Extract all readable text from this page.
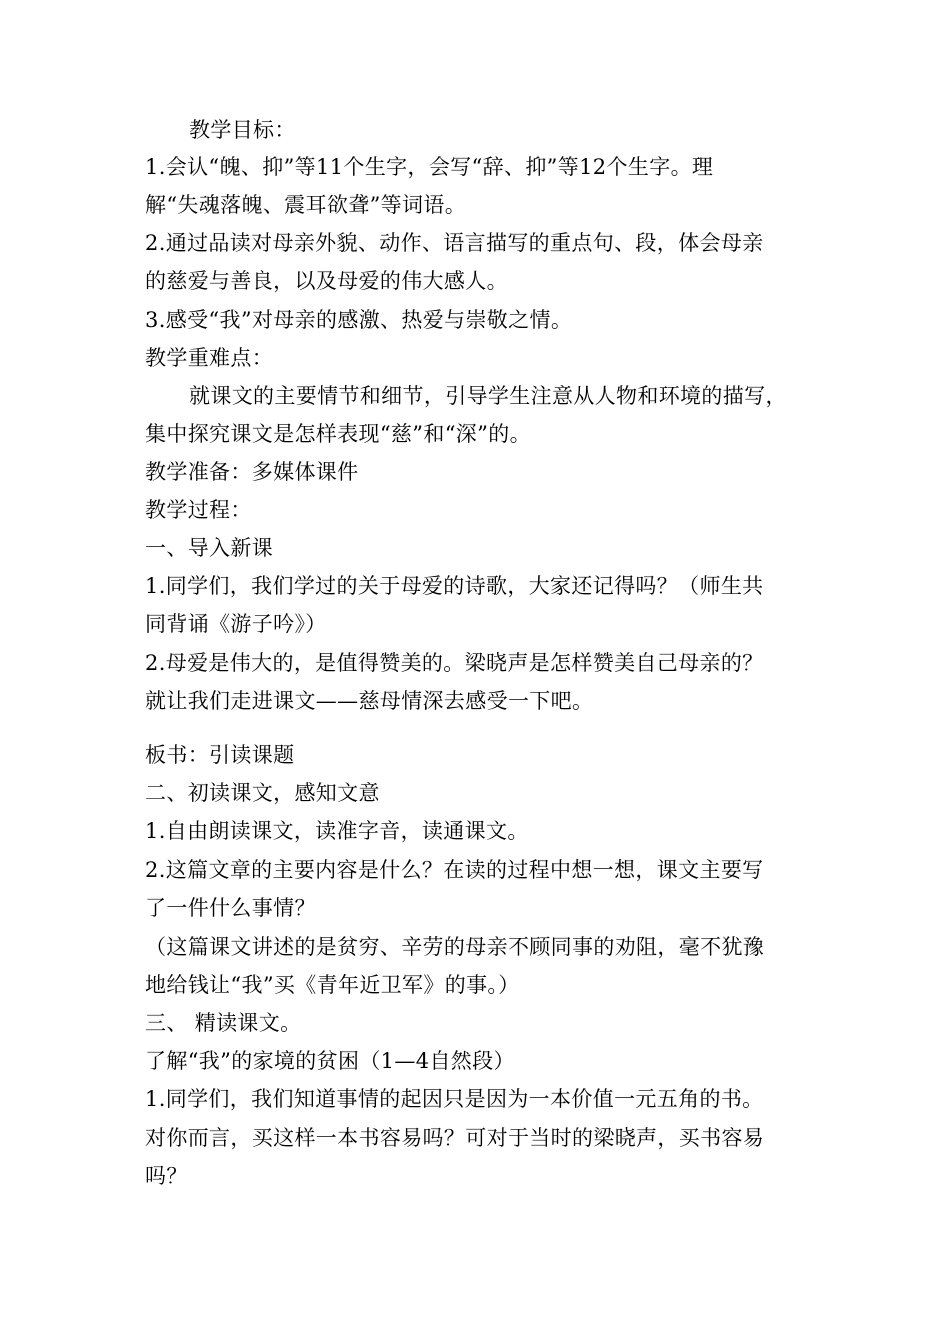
教学目标：
1.会认“魄、抑”等11个生字，会写“辞、抑”等12个生字。理
解“失魂落魄、震耳欲聋”等词语。
2.通过品读对母亲外貌、动作、语言描写的重点句、段，体会母亲
的慈爱与善良，以及母爱的伟大感人。
3.感受“我”对母亲的感激、热爱与崇敬之情。
教学重难点：
就课文的主要情节和细节，引导学生注意从人物和环境的描写，
集中探究课文是怎样表现“慈”和“深”的。
教学准备：多媒体课件
教学过程：
一、导入新课
1.同学们，我们学过的关于母爱的诗歌，大家还记得吗？（师生共
同背诵《游子吟》）
2.母爱是伟大的，是值得赞美的。梁晓声是怎样赞美自己母亲的？
就让我们走进课文——慈母情深去感受一下吧。
板书：引读课题
二、初读课文，感知文意
1.自由朗读课文，读准字音，读通课文。
2.这篇文章的主要内容是什么？在读的过程中想一想，课文主要写
了一件什么事情？
（这篇课文讲述的是贫穷、辛劳的母亲不顾同事的劝阻，毫不犹豫
地给钱让“我”买《青年近卫军》的事。）
三、 精读课文。
了解“我”的家境的贫困（1—4自然段）
1.同学们，我们知道事情的起因只是因为一本价值一元五角的书。
对你而言，买这样一本书容易吗？可对于当时的梁晓声，买书容易
吗？
